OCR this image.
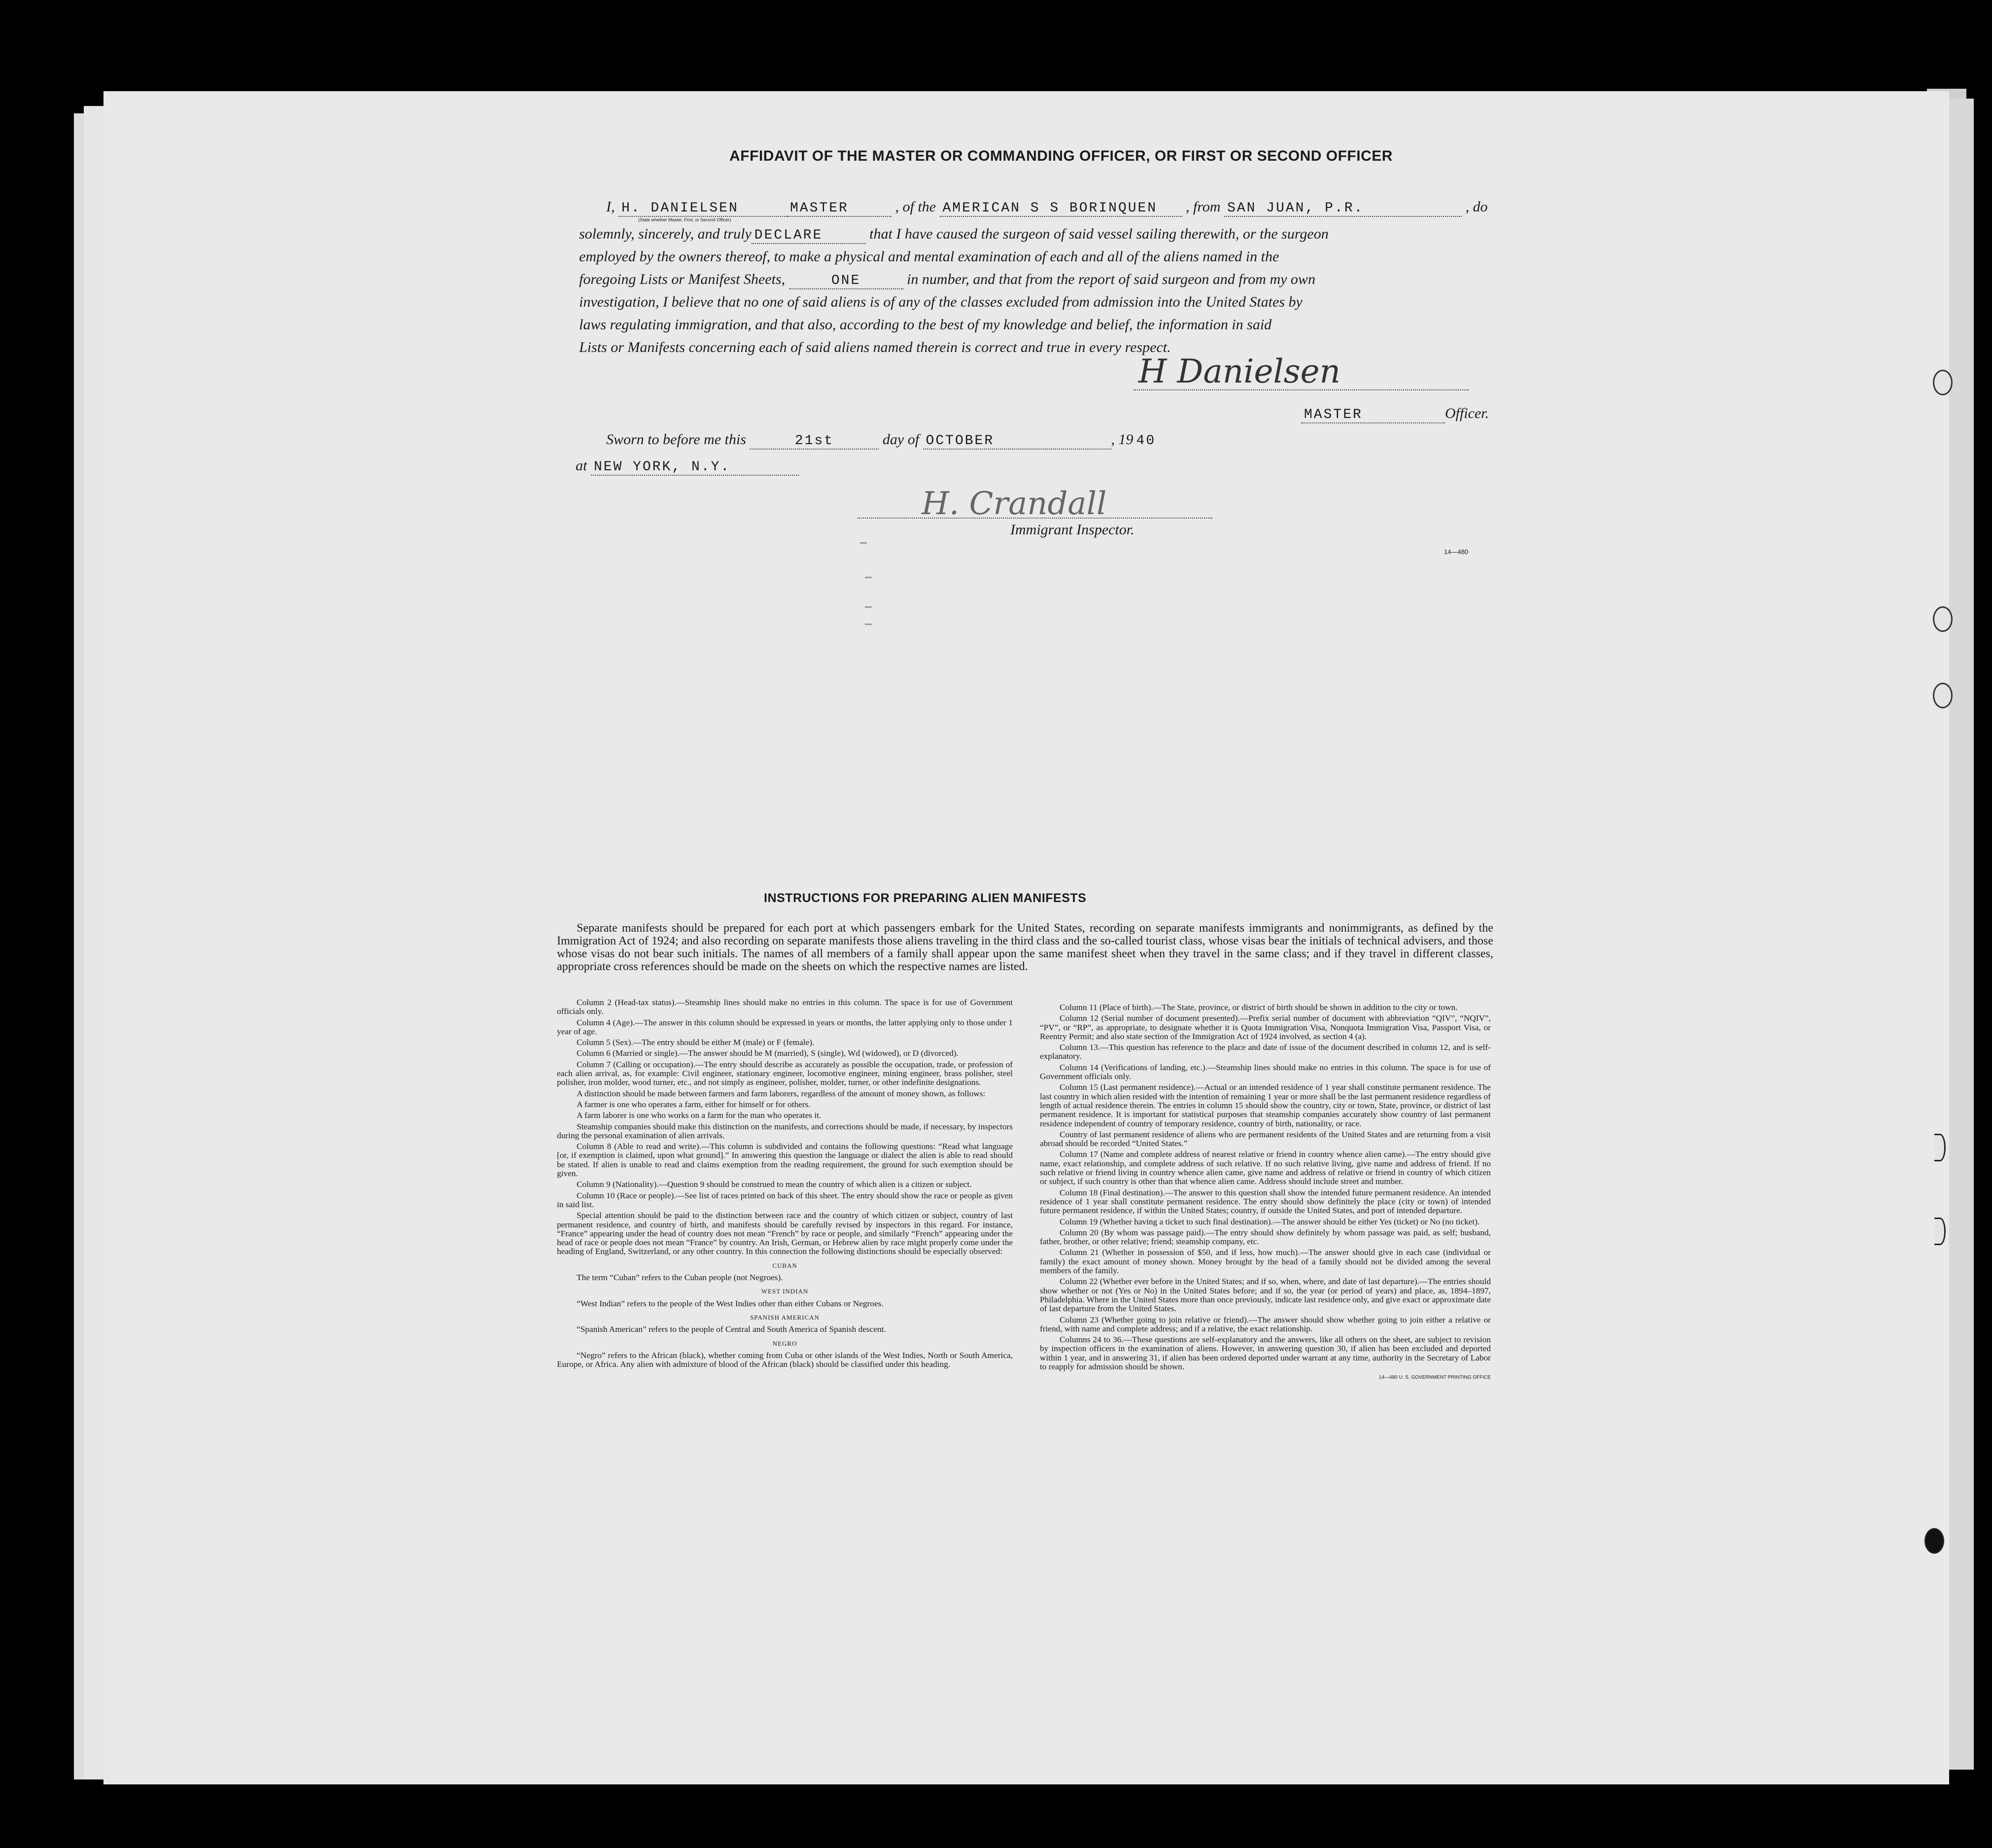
AFFIDAVIT OF THE MASTER OR COMMANDING OFFICER, OR FIRST OR SECOND OFFICER
I, H. DANIELSEN	MASTER	, of the AMERICAN S S BORINQUEN , from SAN JUAN, P.R.	, do
(State whether Master, First, or Second Officer)
solemnly, sincerely, and truly DECLARE	that I have caused the surgeon of said vessel sailing therewith, or the surgeon
employed by the owners thereof, to make a physical and mental examination of each and all of the aliens named in the
foregoing Lists or Manifest Sheets,	ONE	in number, and that from the report of said surgeon and from my own
investigation, I believe that no one of said aliens is of any of the classes excluded from admission into the United States by
laws regulating immigration, and that also, according to the best of my knowledge and belief, the information in said
Lists or Manifests concerning each of said aliens named therein is correct and true in every respect.
H Danielsen
MASTER	Officer.
Sworn to before me this	21st	day of OCTOBER	, 19 40
at NEW YORK, N.Y.
H. Crandall
Immigrant Inspector.
14—480
INSTRUCTIONS FOR PREPARING ALIEN MANIFESTS

Separate manifests should be prepared for each port at which passengers embark for the United States, recording on separate manifests immigrants and nonimmigrants, as defined by the Immigration Act of 1924; and also recording on separate manifests those aliens traveling in the third class and the so-called tourist class, whose visas bear the initials of technical advisers, and those whose visas do not bear such initials. The names of all members of a family shall appear upon the same manifest sheet when they travel in the same class; and if they travel in different classes, appropriate cross references should be made on the sheets on which the respective names are listed.

Column 2 (Head-tax status).—Steamship lines should make no entries in this column. The space is for use of Government officials only.

Column 4 (Age).—The answer in this column should be expressed in years or months, the latter applying only to those under 1 year of age.

Column 5 (Sex).—The entry should be either M (male) or F (female).

Column 6 (Married or single).—The answer should be M (married), S (single), Wd (widowed), or D (divorced).

Column 7 (Calling or occupation).—The entry should describe as accurately as possible the occupation, trade, or profession of each alien arrival, as, for example: Civil engineer, stationary engineer, locomotive engineer, mining engineer, brass polisher, steel polisher, iron molder, wood turner, etc., and not simply as engineer, polisher, molder, turner, or other indefinite designations.

A distinction should be made between farmers and farm laborers, regardless of the amount of money shown, as follows:

A farmer is one who operates a farm, either for himself or for others.

A farm laborer is one who works on a farm for the man who operates it.

Steamship companies should make this distinction on the manifests, and corrections should be made, if necessary, by inspectors during the personal examination of alien arrivals.

Column 8 (Able to read and write).—This column is subdivided and contains the following questions: “Read what language [or, if exemption is claimed, upon what ground].” In answering this question the language or dialect the alien is able to read should be stated. If alien is unable to read and claims exemption from the reading requirement, the ground for such exemption should be given.

Column 9 (Nationality).—Question 9 should be construed to mean the country of which alien is a citizen or subject.

Column 10 (Race or people).—See list of races printed on back of this sheet. The entry should show the race or people as given in said list.

Special attention should be paid to the distinction between race and the country of which citizen or subject, country of last permanent residence, and country of birth, and manifests should be carefully revised by inspectors in this regard. For instance, “France” appearing under the head of country does not mean “French” by race or people, and similarly “French” appearing under the head of race or people does not mean “France” by country. An Irish, German, or Hebrew alien by race might properly come under the heading of England, Switzerland, or any other country. In this connection the following distinctions should be especially observed:

CUBAN

The term “Cuban” refers to the Cuban people (not Negroes).

WEST INDIAN

“West Indian” refers to the people of the West Indies other than either Cubans or Negroes.

SPANISH AMERICAN

“Spanish American” refers to the people of Central and South America of Spanish descent.

NEGRO

“Negro” refers to the African (black), whether coming from Cuba or other islands of the West Indies, North or South America, Europe, or Africa. Any alien with admixture of blood of the African (black) should be classified under this heading.

Column 11 (Place of birth).—The State, province, or district of birth should be shown in addition to the city or town.

Column 12 (Serial number of document presented).—Prefix serial number of document with abbreviation “QIV”, “NQIV”, “PV”, or “RP”, as appropriate, to designate whether it is Quota Immigration Visa, Nonquota Immigration Visa, Passport Visa, or Reentry Permit; and also state section of the Immigration Act of 1924 involved, as section 4 (a).

Column 13.—This question has reference to the place and date of issue of the document described in column 12, and is self-explanatory.

Column 14 (Verifications of landing, etc.).—Steamship lines should make no entries in this column. The space is for use of Government officials only.

Column 15 (Last permanent residence).—Actual or an intended residence of 1 year shall constitute permanent residence. The last country in which alien resided with the intention of remaining 1 year or more shall be the last permanent residence regardless of length of actual residence therein. The entries in column 15 should show the country, city or town, State, province, or district of last permanent residence. It is important for statistical purposes that steamship companies accurately show country of last permanent residence independent of country of temporary residence, country of birth, nationality, or race.

Country of last permanent residence of aliens who are permanent residents of the United States and are returning from a visit abroad should be recorded “United States.”

Column 17 (Name and complete address of nearest relative or friend in country whence alien came).—The entry should give name, exact relationship, and complete address of such relative. If no such relative living, give name and address of friend. If no such relative or friend living in country whence alien came, give name and address of relative or friend in country of which citizen or subject, if such country is other than that whence alien came. Address should include street and number.

Column 18 (Final destination).—The answer to this question shall show the intended future permanent residence. An intended residence of 1 year shall constitute permanent residence. The entry should show definitely the place (city or town) of intended future permanent residence, if within the United States; country, if outside the United States, and port of intended departure.

Column 19 (Whether having a ticket to such final destination).—The answer should be either Yes (ticket) or No (no ticket).

Column 20 (By whom was passage paid).—The entry should show definitely by whom passage was paid, as self; husband, father, brother, or other relative; friend; steamship company, etc.

Column 21 (Whether in possession of $50, and if less, how much).—The answer should give in each case (individual or family) the exact amount of money shown. Money brought by the head of a family should not be divided among the several members of the family.

Column 22 (Whether ever before in the United States; and if so, when, where, and date of last departure).—The entries should show whether or not (Yes or No) in the United States before; and if so, the year (or period of years) and place, as, 1894–1897, Philadelphia. Where in the United States more than once previously, indicate last residence only, and give exact or approximate date of last departure from the United States.

Column 23 (Whether going to join relative or friend).—The answer should show whether going to join either a relative or friend, with name and complete address; and if a relative, the exact relationship.

Columns 24 to 36.—These questions are self-explanatory and the answers, like all others on the sheet, are subject to revision by inspection officers in the examination of aliens. However, in answering question 30, if alien has been excluded and deported within 1 year, and in answering 31, if alien has been ordered deported under warrant at any time, authority in the Secretary of Labor to reapply for admission should be shown.

14—480 U. S. GOVERNMENT PRINTING OFFICE
